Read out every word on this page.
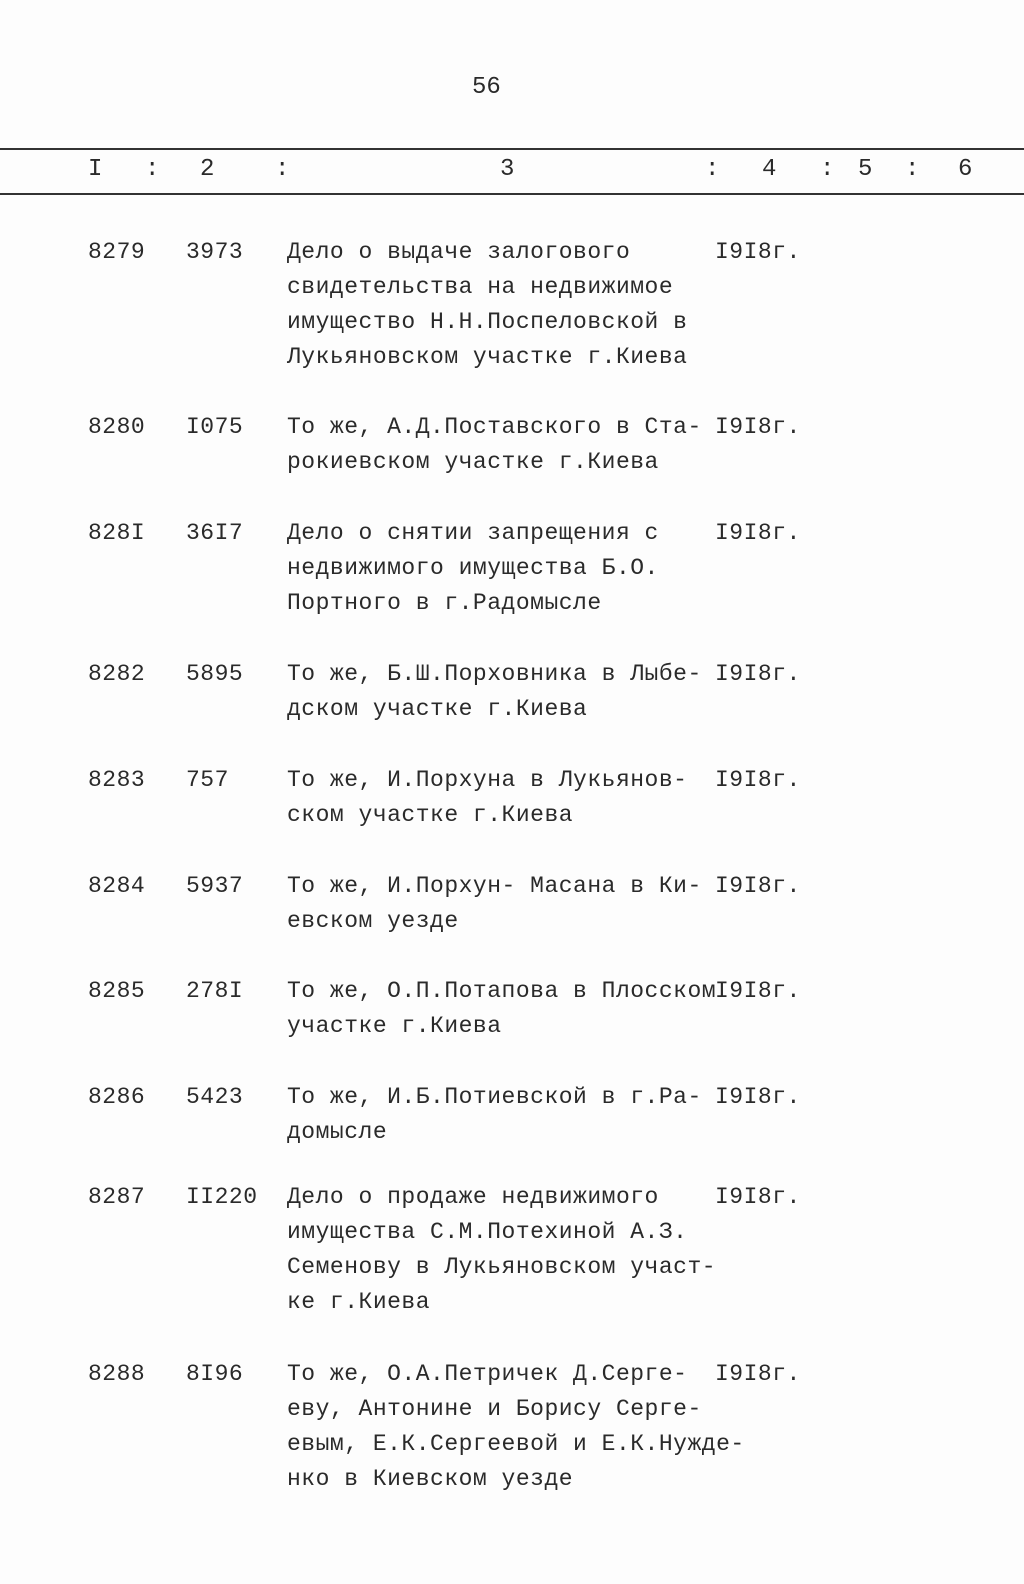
56
I : 2	:	3	: 4 : 5 : 6
8279 3973 Дело о выдаче залогового
свидетельства на недвижимое
имущество Н.Н.Поспеловской в
Лукьяновском участке г.Киева
I9I8г.
8280 I075 То же, А.Д.Поставского в Ста-
рокиевском участке г.Киева
I9I8г.
828I 36I7 Дело о снятии запрещения с
недвижимого имущества Б.О.
Портного в г.Радомысле
I9I8г.
8282 5895 То же, Б.Ш.Порховника в Лыбе-
дском участке г.Киева
I9I8г.
8283 757	То же, И.Порхуна в Лукьянов-
ском участке г.Киева
I9I8г.
8284 5937 То же, И.Порхун- Масана в Ки-
евском уезде
I9I8г.
8285 278I То же, О.П.Потапова в Плосском
участке г.Киева
I9I8г.
8286 5423 То же, И.Б.Потиевской в г.Ра-
домысле
I9I8г.
8287 II220 Дело о продаже недвижимого
имущества С.М.Потехиной А.З.
Семенову в Лукьяновском участ-
ке г.Киева
I9I8г.
8288 8I96 То же, О.А.Петричек Д.Серге-
еву, Антонине и Борису Серге-
евым, Е.К.Сергеевой и Е.К.Нужде-
нко в Киевском уезде
I9I8г.
